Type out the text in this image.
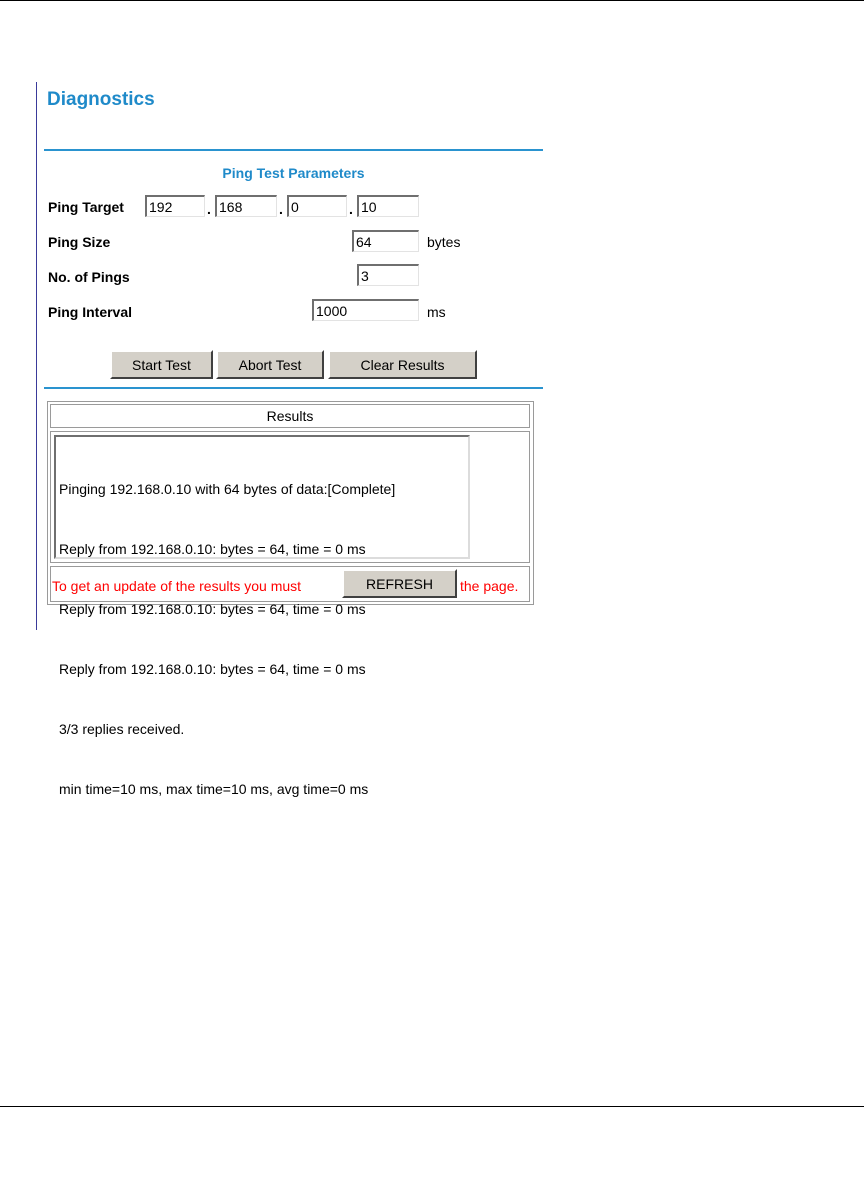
Diagnostics
Ping Test Parameters
Ping Target
192	.
168	.
0	.
10
Ping Size
64	bytes
No. of Pings
3
Ping Interval
1000	ms
Start Test	Abort Test	Clear Results
Results

Pinging 192.168.0.10 with 64 bytes of data:[Complete]

Reply from 192.168.0.10: bytes = 64, time = 0 ms

Reply from 192.168.0.10: bytes = 64, time = 0 ms

Reply from 192.168.0.10: bytes = 64, time = 0 ms

3/3 replies received.

min time=10 ms, max time=10 ms, avg time=0 ms

To get an update of the results you must	REFRESH	the page.
